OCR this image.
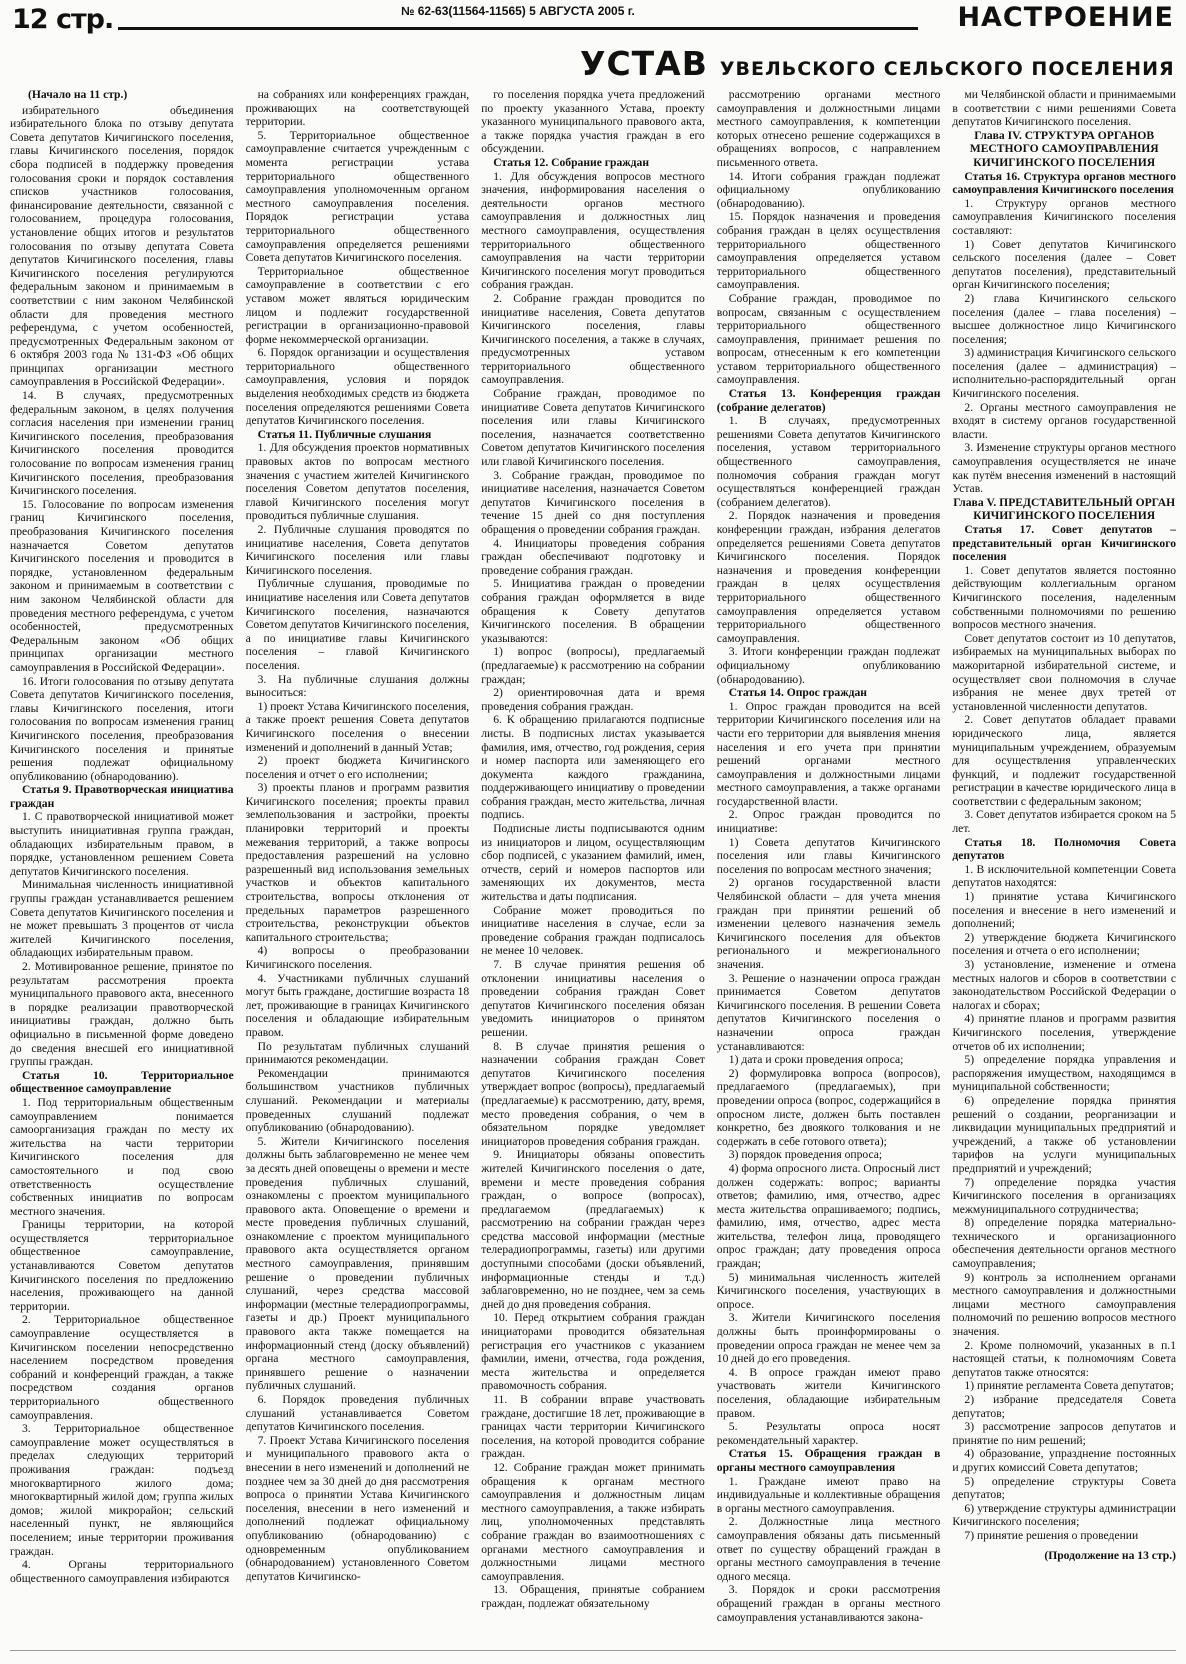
12 стр.	№ 62-63(11564-11565) 5 АВГУСТА 2005 г.	НАСТРОЕНИЕ
УСТАВ УВЕЛЬСКОГО СЕЛЬСКОГО ПОСЕЛЕНИЯ

(Начало на 11 стр.)

избирательного объединения избирательного блока по отзыву депутата Совета депутатов Кичигинского поселения, главы Кичигинского поселения, порядок сбора подписей в поддержку проведения голосования сроки и порядок составления списков участников голосования, финансирование деятельности, связанной с голосованием, процедура голосования, установление общих итогов и результатов голосования по отзыву депутата Совета депутатов Кичигинского поселения, главы Кичигинского поселения регулируются федеральным законом и принимаемым в соответствии с ним законом Челябинской области для проведения местного референдума, с учетом особенностей, предусмотренных Федеральным законом от 6 октября 2003 года № 131-ФЗ «Об общих принципах организации местного самоуправления в Российской Федерации».

14. В случаях, предусмотренных федеральным законом, в целях получения согласия населения при изменении границ Кичигинского поселения, преобразования Кичигинского поселения проводится голосование по вопросам изменения границ Кичигинского поселения, преобразования Кичигинского поселения.

15. Голосование по вопросам изменения границ Кичигинского поселения, преобразования Кичигинского поселения назначается Советом депутатов Кичигинского поселения и проводится в порядке, установленном федеральным законом и принимаемым в соответствии с ним законом Челябинской области для проведения местного референдума, с учетом особенностей, предусмотренных Федеральным законом «Об общих принципах организации местного самоуправления в Российской Федерации».

16. Итоги голосования по отзыву депутата Совета депутатов Кичигинского поселения, главы Кичигинского поселения, итоги голосования по вопросам изменения границ Кичигинского поселения, преобразования Кичигинского поселения и принятые решения подлежат официальному опубликованию (обнародованию).

Статья 9. Правотворческая инициатива граждан

1. С правотворческой инициативой может выступить инициативная группа граждан, обладающих избирательным правом, в порядке, установленном решением Совета депутатов Кичигинского поселения.

Минимальная численность инициативной группы граждан устанавливается решением Совета депутатов Кичигинского поселения и не может превышать 3 процентов от числа жителей Кичигинского поселения, обладающих избирательным правом.

2. Мотивированное решение, принятое по результатам рассмотрения проекта муниципального правового акта, внесенного в порядке реализации правотворческой инициативы граждан, должно быть официально в письменной форме доведено до сведения внесшей его инициативной группы граждан.

Статья 10. Территориальное общественное самоуправление

1. Под территориальным общественным самоуправлением понимается самоорганизация граждан по месту их жительства на части территории Кичигинского поселения для самостоятельного и под свою ответственность осуществление собственных инициатив по вопросам местного значения.

Границы территории, на которой осуществляется территориальное общественное самоуправление, устанавливаются Советом депутатов Кичигинского поселения по предложению населения, проживающего на данной территории.

2. Территориальное общественное самоуправление осуществляется в Кичигинском поселении непосредственно населением посредством проведения собраний и конференций граждан, а также посредством создания органов территориального общественного самоуправления.

3. Территориальное общественное самоуправление может осуществляться в пределах следующих территорий проживания граждан: подъезд многоквартирного жилого дома; многоквартирный жилой дом; группа жилых домов; жилой микрорайон; сельский населенный пункт, не являющийся поселением; иные территории проживания граждан.

4. Органы территориального общественного самоуправления избираются

на собраниях или конференциях граждан, проживающих на соответствующей территории.

5. Территориальное общественное самоуправление считается учрежденным с момента регистрации устава территориального общественного самоуправления уполномоченным органом местного самоуправления поселения. Порядок регистрации устава территориального общественного самоуправления определяется решениями Совета депутатов Кичигинского поселения.

Территориальное общественное самоуправление в соответствии с его уставом может являться юридическим лицом и подлежит государственной регистрации в организационно-правовой форме некоммерческой организации.

6. Порядок организации и осуществления территориального общественного самоуправления, условия и порядок выделения необходимых средств из бюджета поселения определяются решениями Совета депутатов Кичигинского поселения.

Статья 11. Публичные слушания

1. Для обсуждения проектов нормативных правовых актов по вопросам местного значения с участием жителей Кичигинского поселения Советом депутатов поселения, главой Кичигинского поселения могут проводиться публичные слушания.

2. Публичные слушания проводятся по инициативе населения, Совета депутатов Кичигинского поселения или главы Кичигинского поселения.

Публичные слушания, проводимые по инициативе населения или Совета депутатов Кичигинского поселения, назначаются Советом депутатов Кичигинского поселения, а по инициативе главы Кичигинского поселения – главой Кичигинского поселения.

3. На публичные слушания должны выноситься:

1) проект Устава Кичигинского поселения, а также проект решения Совета депутатов Кичигинского поселения о внесении изменений и дополнений в данный Устав;

2) проект бюджета Кичигинского поселения и отчет о его исполнении;

3) проекты планов и программ развития Кичигинского поселения; проекты правил землепользования и застройки, проекты планировки территорий и проекты межевания территорий, а также вопросы предоставления разрешений на условно разрешенный вид использования земельных участков и объектов капитального строительства, вопросы отклонения от предельных параметров разрешенного строительства, реконструкции объектов капитального строительства;

4) вопросы о преобразовании Кичигинского поселения.

4. Участниками публичных слушаний могут быть граждане, достигшие возраста 18 лет, проживающие в границах Кичигинского поселения и обладающие избирательным правом.

По результатам публичных слушаний принимаются рекомендации.

Рекомендации принимаются большинством участников публичных слушаний. Рекомендации и материалы проведенных слушаний подлежат опубликованию (обнародованию).

5. Жители Кичигинского поселения должны быть заблаговременно не менее чем за десять дней оповещены о времени и месте проведения публичных слушаний, ознакомлены с проектом муниципального правового акта. Оповещение о времени и месте проведения публичных слушаний, ознакомление с проектом муниципального правового акта осуществляется органом местного самоуправления, принявшим решение о проведении публичных слушаний, через средства массовой информации (местные телерадиопрограммы, газеты и др.) Проект муниципального правового акта также помещается на информационный стенд (доску объявлений) органа местного самоуправления, принявшего решение о назначении публичных слушаний.

6. Порядок проведения публичных слушаний устанавливается Советом депутатов Кичигинского поселения.

7. Проект Устава Кичигинского поселения и муниципального правового акта о внесении в него изменений и дополнений не позднее чем за 30 дней до дня рассмотрения вопроса о принятии Устава Кичигинского поселения, внесении в него изменений и дополнений подлежат официальному опубликованию (обнародованию) с одновременным опубликованием (обнародованием) установленного Советом депутатов Кичигинско-

го поселения порядка учета предложений по проекту указанного Устава, проекту указанного муниципального правового акта, а также порядка участия граждан в его обсуждении.

Статья 12. Собрание граждан

1. Для обсуждения вопросов местного значения, информирования населения о деятельности органов местного самоуправления и должностных лиц местного самоуправления, осуществления территориального общественного самоуправления на части территории Кичигинского поселения могут проводиться собрания граждан.

2. Собрание граждан проводится по инициативе населения, Совета депутатов Кичигинского поселения, главы Кичигинского поселения, а также в случаях, предусмотренных уставом территориального общественного самоуправления.

Собрание граждан, проводимое по инициативе Совета депутатов Кичигинского поселения или главы Кичигинского поселения, назначается соответственно Советом депутатов Кичигинского поселения или главой Кичигинского поселения.

3. Собрание граждан, проводимое по инициативе населения, назначается Советом депутатов Кичигинского поселения в течение 15 дней со дня поступления обращения о проведении собрания граждан.

4. Инициаторы проведения собрания граждан обеспечивают подготовку и проведение собрания граждан.

5. Инициатива граждан о проведении собрания граждан оформляется в виде обращения к Совету депутатов Кичигинского поселения. В обращении указываются:

1) вопрос (вопросы), предлагаемый (предлагаемые) к рассмотрению на собрании граждан;

2) ориентировочная дата и время проведения собрания граждан.

6. К обращению прилагаются подписные листы. В подписных листах указывается фамилия, имя, отчество, год рождения, серия и номер паспорта или заменяющего его документа каждого гражданина, поддерживающего инициативу о проведении собрания граждан, место жительства, личная подпись.

Подписные листы подписываются одним из инициаторов и лицом, осуществляющим сбор подписей, с указанием фамилий, имен, отчеств, серий и номеров паспортов или заменяющих их документов, места жительства и даты подписания.

Собрание может проводиться по инициативе населения в случае, если за проведение собрания граждан подписалось не менее 10 человек.

7. В случае принятия решения об отклонении инициативы населения о проведении собрания граждан Совет депутатов Кичигинского поселения обязан уведомить инициаторов о принятом решении.

8. В случае принятия решения о назначении собрания граждан Совет депутатов Кичигинского поселения утверждает вопрос (вопросы), предлагаемый (предлагаемые) к рассмотрению, дату, время, место проведения собрания, о чем в обязательном порядке уведомляет инициаторов проведения собрания граждан.

9. Инициаторы обязаны оповестить жителей Кичигинского поселения о дате, времени и месте проведения собрания граждан, о вопросе (вопросах), предлагаемом (предлагаемых) к рассмотрению на собрании граждан через средства массовой информации (местные телерадиопрограммы, газеты) или другими доступными способами (доски объявлений, информационные стенды и т.д.) заблаговременно, но не позднее, чем за семь дней до дня проведения собрания.

10. Перед открытием собрания граждан инициаторами проводится обязательная регистрация его участников с указанием фамилии, имени, отчества, года рождения, места жительства и определяется правомочность собрания.

11. В собрании вправе участвовать граждане, достигшие 18 лет, проживающие в границах части территории Кичигинского поселения, на которой проводится собрание граждан.

12. Собрание граждан может принимать обращения к органам местного самоуправления и должностным лицам местного самоуправления, а также избирать лиц, уполномоченных представлять собрание граждан во взаимоотношениях с органами местного самоуправления и должностными лицами местного самоуправления.

13. Обращения, принятые собранием граждан, подлежат обязательному

рассмотрению органами местного самоуправления и должностными лицами местного самоуправления, к компетенции которых отнесено решение содержащихся в обращениях вопросов, с направлением письменного ответа.

14. Итоги собрания граждан подлежат официальному опубликованию (обнародованию).

15. Порядок назначения и проведения собрания граждан в целях осуществления территориального общественного самоуправления определяется уставом территориального общественного самоуправления.

Собрание граждан, проводимое по вопросам, связанным с осуществлением территориального общественного самоуправления, принимает решения по вопросам, отнесенным к его компетенции уставом территориального общественного самоуправления.

Статья 13. Конференция граждан (собрание делегатов)

1. В случаях, предусмотренных решениями Совета депутатов Кичигинского поселения, уставом территориального общественного самоуправления, полномочия собрания граждан могут осуществляться конференцией граждан (собранием делегатов).

2. Порядок назначения и проведения конференции граждан, избрания делегатов определяется решениями Совета депутатов Кичигинского поселения. Порядок назначения и проведения конференции граждан в целях осуществления территориального общественного самоуправления определяется уставом территориального общественного самоуправления.

3. Итоги конференции граждан подлежат официальному опубликованию (обнародованию).

Статья 14. Опрос граждан

1. Опрос граждан проводится на всей территории Кичигинского поселения или на части его территории для выявления мнения населения и его учета при принятии решений органами местного самоуправления и должностными лицами местного самоуправления, а также органами государственной власти.

2. Опрос граждан проводится по инициативе:

1) Совета депутатов Кичигинского поселения или главы Кичигинского поселения по вопросам местного значения;

2) органов государственной власти Челябинской области – для учета мнения граждан при принятии решений об изменении целевого назначения земель Кичигинского поселения для объектов регионального и межрегионального значения.

3. Решение о назначении опроса граждан принимается Советом депутатов Кичигинского поселения. В решении Совета депутатов Кичигинского поселения о назначении опроса граждан устанавливаются:

1) дата и сроки проведения опроса;

2) формулировка вопроса (вопросов), предлагаемого (предлагаемых), при проведении опроса (вопрос, содержащийся в опросном листе, должен быть поставлен конкретно, без двоякого толкования и не содержать в себе готового ответа);

3) порядок проведения опроса;

4) форма опросного листа. Опросный лист должен содержать: вопрос; варианты ответов; фамилию, имя, отчество, адрес места жительства опрашиваемого; подпись, фамилию, имя, отчество, адрес места жительства, телефон лица, проводящего опрос граждан; дату проведения опроса граждан;

5) минимальная численность жителей Кичигинского поселения, участвующих в опросе.

3. Жители Кичигинского поселения должны быть проинформированы о проведении опроса граждан не менее чем за 10 дней до его проведения.

4. В опросе граждан имеют право участвовать жители Кичигинского поселения, обладающие избирательным правом.

5. Результаты опроса носят рекомендательный характер.

Статья 15. Обращения граждан в органы местного самоуправления

1. Граждане имеют право на индивидуальные и коллективные обращения в органы местного самоуправления.

2. Должностные лица местного самоуправления обязаны дать письменный ответ по существу обращений граждан в органы местного самоуправления в течение одного месяца.

3. Порядок и сроки рассмотрения обращений граждан в органы местного самоуправления устанавливаются закона-

ми Челябинской области и принимаемыми в соответствии с ними решениями Совета депутатов Кичигинского поселения.

Глава IV. СТРУКТУРА ОРГАНОВ МЕСТНОГО САМОУПРАВЛЕНИЯ КИЧИГИНСКОГО ПОСЕЛЕНИЯ

Статья 16. Структура органов местного самоуправления Кичигинского поселения

1. Структуру органов местного самоуправления Кичигинского поселения составляют:

1) Совет депутатов Кичигинского сельского поселения (далее – Совет депутатов поселения), представительный орган Кичигинского поселения;

2) глава Кичигинского сельского поселения (далее – глава поселения) – высшее должностное лицо Кичигинского поселения;

3) администрация Кичигинского сельского поселения (далее – администрация) – исполнительно-распорядительный орган Кичигинского поселения.

2. Органы местного самоуправления не входят в систему органов государственной власти.

3. Изменение структуры органов местного самоуправления осуществляется не иначе как путём внесения изменений в настоящий Устав.

Глава V. ПРЕДСТАВИТЕЛЬНЫЙ ОРГАН КИЧИГИНСКОГО ПОСЕЛЕНИЯ

Статья 17. Совет депутатов – представительный орган Кичигинского поселения

1. Совет депутатов является постоянно действующим коллегиальным органом Кичигинского поселения, наделенным собственными полномочиями по решению вопросов местного значения.

Совет депутатов состоит из 10 депутатов, избираемых на муниципальных выборах по мажоритарной избирательной системе, и осуществляет свои полномочия в случае избрания не менее двух третей от установленной численности депутатов.

2. Совет депутатов обладает правами юридического лица, является муниципальным учреждением, образуемым для осуществления управленческих функций, и подлежит государственной регистрации в качестве юридического лица в соответствии с федеральным законом;

3. Совет депутатов избирается сроком на 5 лет.

Статья 18. Полномочия Совета депутатов

1. В исключительной компетенции Совета депутатов находятся:

1) принятие устава Кичигинского поселения и внесение в него изменений и дополнений;

2) утверждение бюджета Кичигинского поселения и отчета о его исполнении;

3) установление, изменение и отмена местных налогов и сборов в соответствии с законодательством Российской Федерации о налогах и сборах;

4) принятие планов и программ развития Кичигинского поселения, утверждение отчетов об их исполнении;

5) определение порядка управления и распоряжения имуществом, находящимся в муниципальной собственности;

6) определение порядка принятия решений о создании, реорганизации и ликвидации муниципальных предприятий и учреждений, а также об установлении тарифов на услуги муниципальных предприятий и учреждений;

7) определение порядка участия Кичигинского поселения в организациях межмуниципального сотрудничества;

8) определение порядка материально-технического и организационного обеспечения деятельности органов местного самоуправления;

9) контроль за исполнением органами местного самоуправления и должностными лицами местного самоуправления полномочий по решению вопросов местного значения.

2. Кроме полномочий, указанных в п.1 настоящей статьи, к полномочиям Совета депутатов также относятся:

1) принятие регламента Совета депутатов;

2) избрание председателя Совета депутатов;

3) рассмотрение запросов депутатов и принятие по ним решений;

4) образование, упразднение постоянных и других комиссий Совета депутатов;

5) определение структуры Совета депутатов;

6) утверждение структуры администрации Кичигинского поселения;

7) принятие решения о проведении

(Продолжение на 13 стр.)
